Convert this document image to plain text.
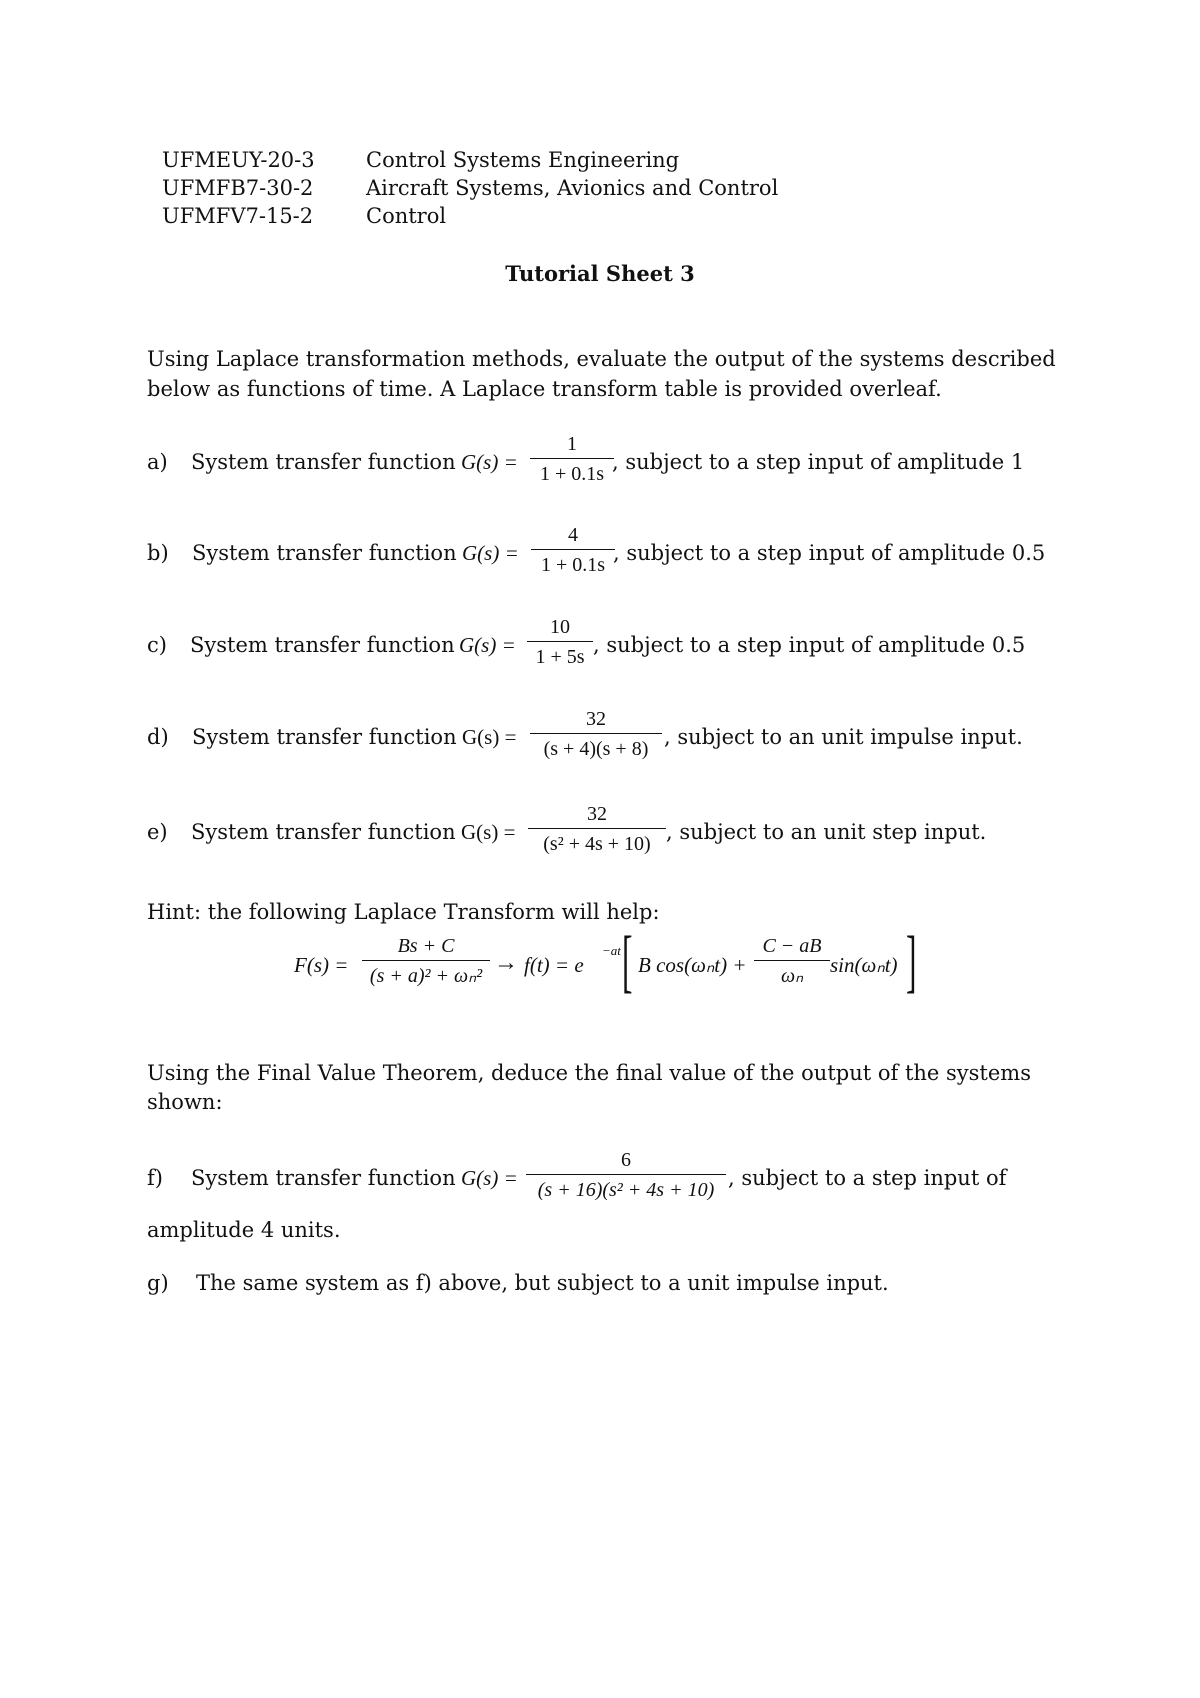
UFMEUY-20-3 Control Systems Engineering
UFMFB7-30-2	Aircraft Systems, Avionics and Control
UFMFV7-15-2	Control
Tutorial Sheet 3
Using Laplace transformation methods, evaluate the output of the systems described
below as functions of time. A Laplace transform table is provided overleaf.
a) System transfer function G(s) =
1
1 + 0.1s , subject to a step input of amplitude 1
b) System transfer function G(s) =
4
1 + 0.1s , subject to a step input of amplitude 0.5
c) System transfer function G(s) =
10
1 + 5s , subject to a step input of amplitude 0.5
d) System transfer function G(s) =
32
(s + 4)(s + 8) , subject to an unit impulse input.
e) System transfer function G(s) =
32
(s² + 4s + 10) , subject to an unit step input.
Hint: the following Laplace Transform will help:
F(s) =
Bs + C
(s + a)² + ωₙ² → f(t) = e
−at [ B cos(ωₙt) +
C − aB
ωₙ	sin(ωₙt) ]
Using the Final Value Theorem, deduce the final value of the output of the systems
shown:
f) System transfer function G(s) =
6
(s + 16)(s² + 4s + 10) , subject to a step input of
amplitude 4 units.
g) The same system as f) above, but subject to a unit impulse input.
